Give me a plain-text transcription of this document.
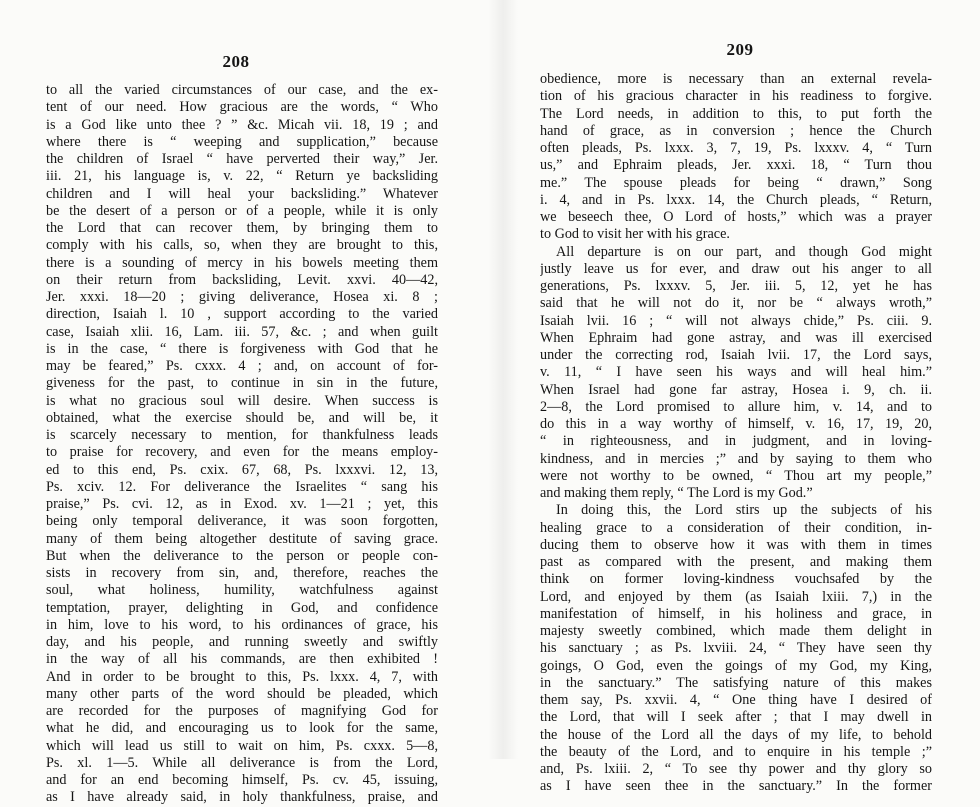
208
to all the varied circumstances of our case, and the ex-
tent of our need. How gracious are the words, “ Who
is a God like unto thee ? ” &c. Micah vii. 18, 19 ; and
where there is “ weeping and supplication,” because
the children of Israel “ have perverted their way,” Jer.
iii. 21, his language is, v. 22, “ Return ye backsliding
children and I will heal your backsliding.” Whatever
be the desert of a person or of a people, while it is only
the Lord that can recover them, by bringing them to
comply with his calls, so, when they are brought to this,
there is a sounding of mercy in his bowels meeting them
on their return from backsliding, Levit. xxvi. 40—42,
Jer. xxxi. 18—20 ; giving deliverance, Hosea xi. 8 ;
direction, Isaiah l. 10 , support according to the varied
case, Isaiah xlii. 16, Lam. iii. 57, &c. ; and when guilt
is in the case, “ there is forgiveness with God that he
may be feared,” Ps. cxxx. 4 ; and, on account of for-
giveness for the past, to continue in sin in the future,
is what no gracious soul will desire. When success is
obtained, what the exercise should be, and will be, it
is scarcely necessary to mention, for thankfulness leads
to praise for recovery, and even for the means employ-
ed to this end, Ps. cxix. 67, 68, Ps. lxxxvi. 12, 13,
Ps. xciv. 12. For deliverance the Israelites “ sang his
praise,” Ps. cvi. 12, as in Exod. xv. 1—21 ; yet, this
being only temporal deliverance, it was soon forgotten,
many of them being altogether destitute of saving grace.
But when the deliverance to the person or people con-
sists in recovery from sin, and, therefore, reaches the
soul, what holiness, humility, watchfulness against
temptation, prayer, delighting in God, and confidence
in him, love to his word, to his ordinances of grace, his
day, and his people, and running sweetly and swiftly
in the way of all his commands, are then exhibited !
And in order to be brought to this, Ps. lxxx. 4, 7, with
many other parts of the word should be pleaded, which
are recorded for the purposes of magnifying God for
what he did, and encouraging us to look for the same,
which will lead us still to wait on him, Ps. cxxx. 5—8,
Ps. xl. 1—5. While all deliverance is from the Lord,
and for an end becoming himself, Ps. cv. 45, issuing,
as I have already said, in holy thankfulness, praise, and
209
obedience, more is necessary than an external revela-
tion of his gracious character in his readiness to forgive.
The Lord needs, in addition to this, to put forth the
hand of grace, as in conversion ; hence the Church
often pleads, Ps. lxxx. 3, 7, 19, Ps. lxxxv. 4, “ Turn
us,” and Ephraim pleads, Jer. xxxi. 18, “ Turn thou
me.” The spouse pleads for being “ drawn,” Song
i. 4, and in Ps. lxxx. 14, the Church pleads, “ Return,
we beseech thee, O Lord of hosts,” which was a prayer
to God to visit her with his grace.
All departure is on our part, and though God might
justly leave us for ever, and draw out his anger to all
generations, Ps. lxxxv. 5, Jer. iii. 5, 12, yet he has
said that he will not do it, nor be “ always wroth,”
Isaiah lvii. 16 ; “ will not always chide,” Ps. ciii. 9.
When Ephraim had gone astray, and was ill exercised
under the correcting rod, Isaiah lvii. 17, the Lord says,
v. 11, “ I have seen his ways and will heal him.”
When Israel had gone far astray, Hosea i. 9, ch. ii.
2—8, the Lord promised to allure him, v. 14, and to
do this in a way worthy of himself, v. 16, 17, 19, 20,
“ in righteousness, and in judgment, and in loving-
kindness, and in mercies ;” and by saying to them who
were not worthy to be owned, “ Thou art my people,”
and making them reply, “ The Lord is my God.”
In doing this, the Lord stirs up the subjects of his
healing grace to a consideration of their condition, in-
ducing them to observe how it was with them in times
past as compared with the present, and making them
think on former loving-kindness vouchsafed by the
Lord, and enjoyed by them (as Isaiah lxiii. 7,) in the
manifestation of himself, in his holiness and grace, in
majesty sweetly combined, which made them delight in
his sanctuary ; as Ps. lxviii. 24, “ They have seen thy
goings, O God, even the goings of my God, my King,
in the sanctuary.” The satisfying nature of this makes
them say, Ps. xxvii. 4, “ One thing have I desired of
the Lord, that will I seek after ; that I may dwell in
the house of the Lord all the days of my life, to behold
the beauty of the Lord, and to enquire in his temple ;”
and, Ps. lxiii. 2, “ To see thy power and thy glory so
as I have seen thee in the sanctuary.” In the former
